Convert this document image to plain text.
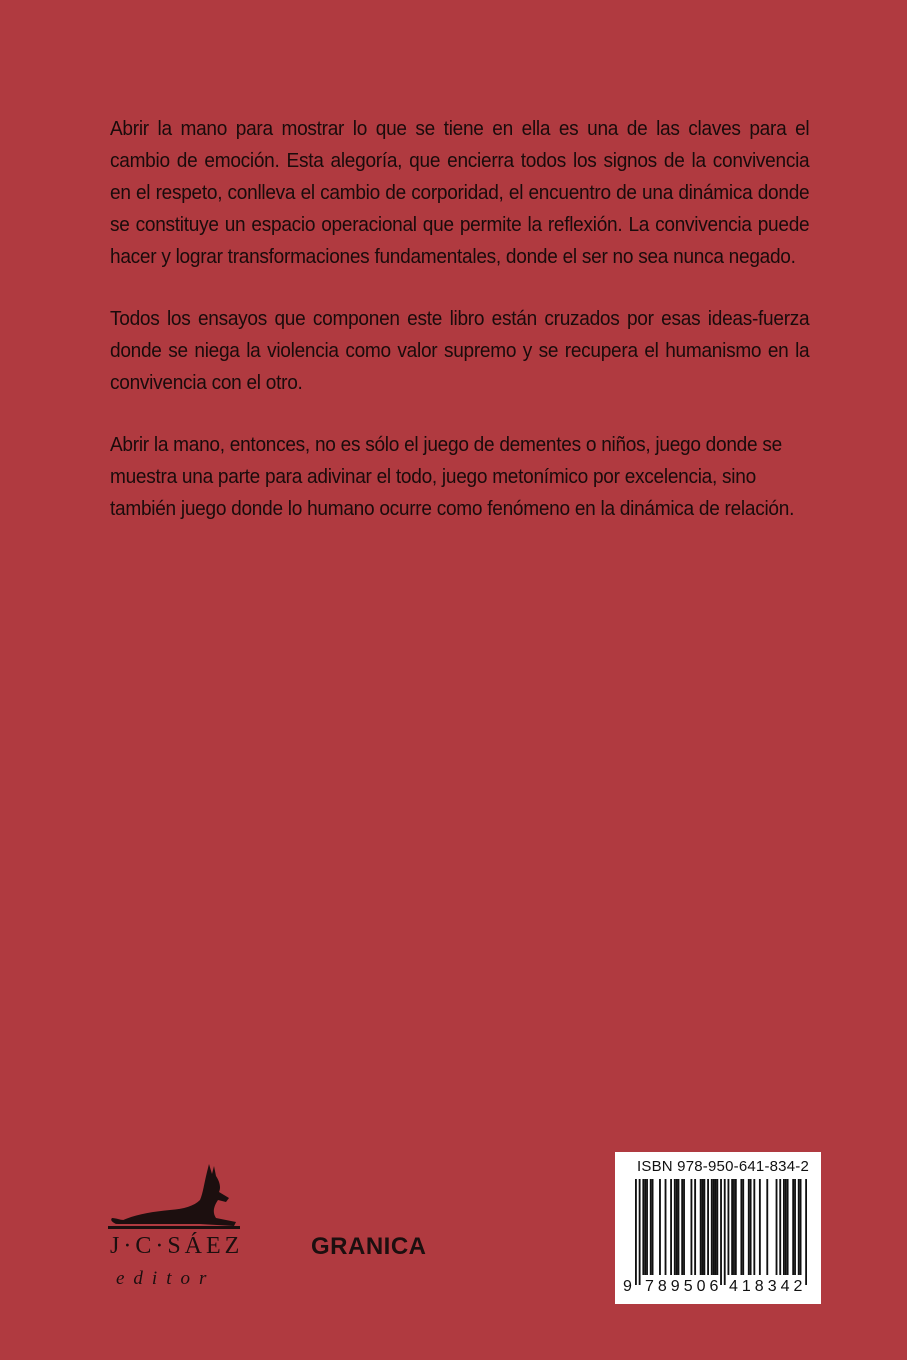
Abrir la mano para mostrar lo que se tiene en ella es una de las claves para el cambio de emoción. Esta alegoría, que encierra todos los signos de la convivencia en el respeto, conlleva el cambio de corporidad, el encuentro de una dinámica donde se constituye un espacio operacional que permite la reflexión. La convivencia puede hacer y lograr transformaciones fundamentales, donde el ser no sea nunca negado.

Todos los ensayos que componen este libro están cruzados por esas ideas-fuerza donde se niega la violencia como valor supremo y se recupera el humanismo en la convivencia con el otro.

Abrir la mano, entonces, no es sólo el juego de dementes o niños, juego donde se muestra una parte para adivinar el todo, juego metonímico por excelencia, sino también juego donde lo humano ocurre como fenómeno en la dinámica de relación.

J·C·SÁEZ
editor
GRANICA
ISBN 978-950-641-834-2
9 789506 418342
